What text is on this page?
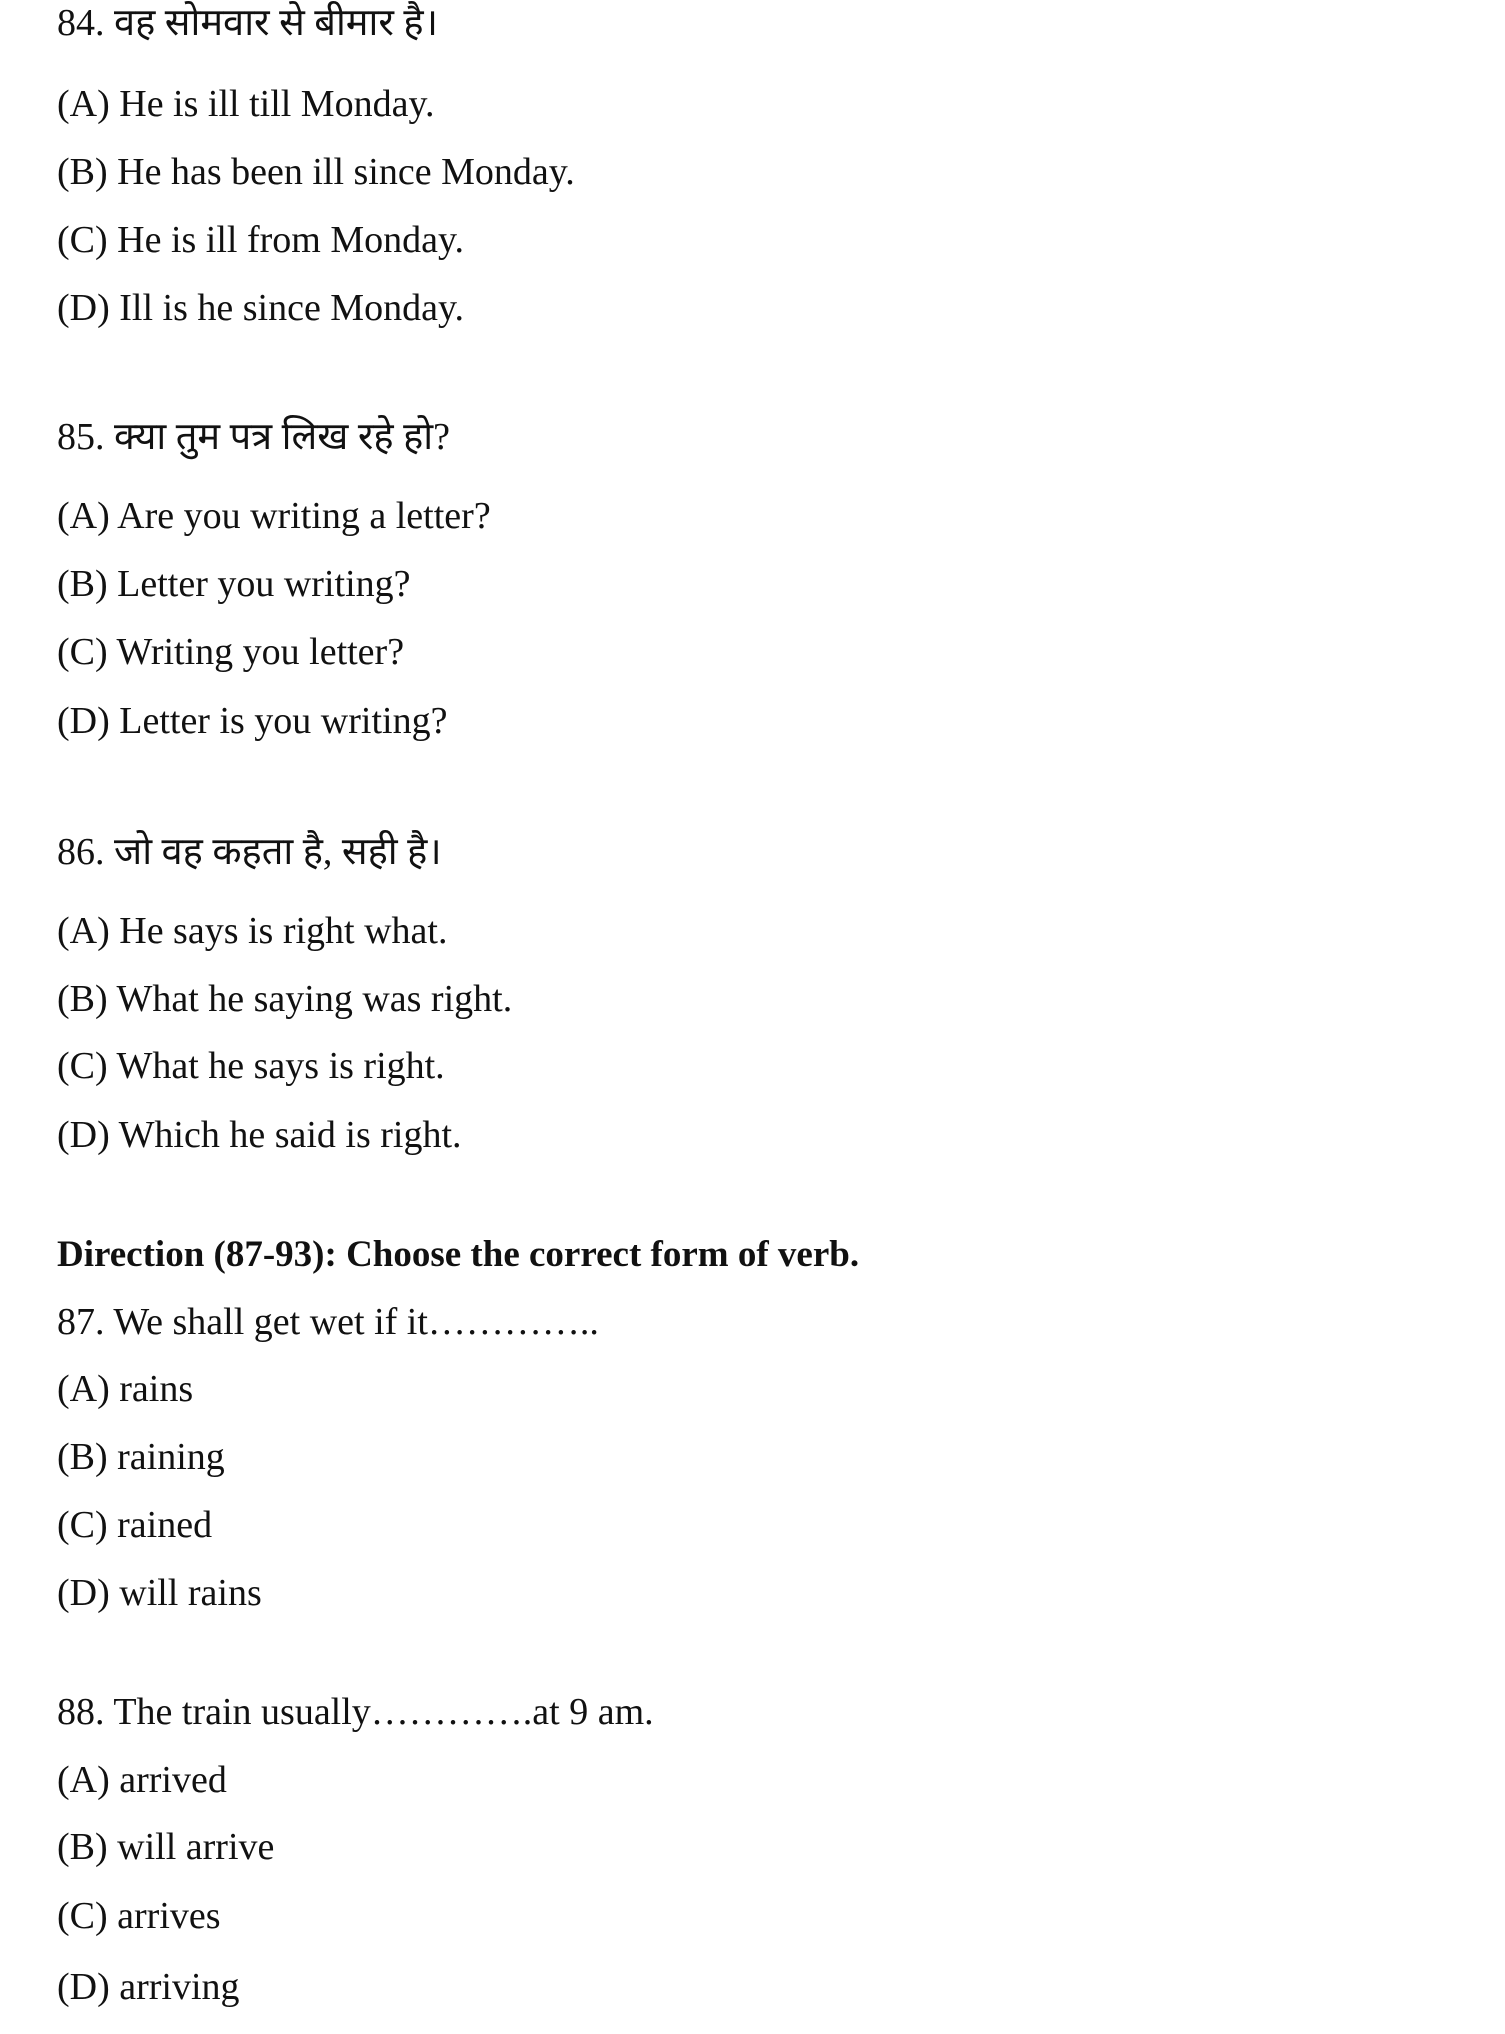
84. वह सोमवार से बीमार है।
(A) He is ill till Monday.
(B) He has been ill since Monday.
(C) He is ill from Monday.
(D) Ill is he since Monday.
85. क्या तुम पत्र लिख रहे हो?
(A) Are you writing a letter?
(B) Letter you writing?
(C) Writing you letter?
(D) Letter is you writing?
86. जो वह कहता है, सही है।
(A) He says is right what.
(B) What he saying was right.
(C) What he says is right.
(D) Which he said is right.
Direction (87-93): Choose the correct form of verb.
87. We shall get wet if it…………..
(A) rains
(B) raining
(C) rained
(D) will rains
88. The train usually………….at 9 am.
(A) arrived
(B) will arrive
(C) arrives
(D) arriving
